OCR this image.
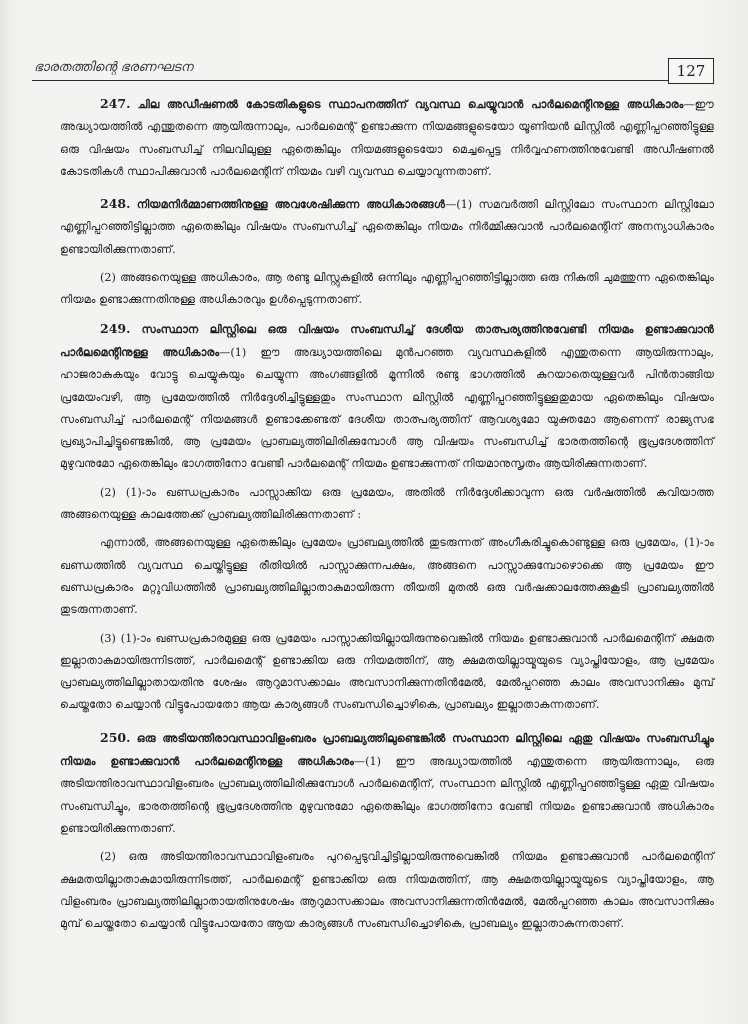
ഭാരതത്തിന്റെ ഭരണഘടന	127

247. ചില അഡീഷണൽ കോടതികളുടെ സ്ഥാപനത്തിന് വ്യവസ്ഥ ചെയ്യുവാൻ പാർലമെന്റിനുള്ള അധികാരം—ഈ അദ്ധ്യായത്തിൽ എന്തുതന്നെ ആയിരുന്നാലും, പാർലമെന്റ് ഉണ്ടാക്കുന്ന നിയമങ്ങളുടെയോ യൂണിയൻ ലിസ്റ്റിൽ എണ്ണിപ്പറഞ്ഞിട്ടുള്ള ഒരു വിഷയം സംബന്ധിച്ച് നിലവിലുള്ള ഏതെങ്കിലും നിയമങ്ങളുടെയോ മെച്ചപ്പെട്ട നിർവ്വഹണത്തിനുവേണ്ടി അഡീഷണൽ കോടതികൾ സ്ഥാപിക്കുവാൻ പാർലമെന്റിന് നിയമം വഴി വ്യവസ്ഥ ചെയ്യാവുന്നതാണ്.

248. നിയമനിർമ്മാണത്തിനുള്ള അവശേഷിക്കുന്ന അധികാരങ്ങൾ—(1) സമവർത്തി ലിസ്റ്റിലോ സംസ്ഥാന ലിസ്റ്റിലോ എണ്ണിപ്പറഞ്ഞിട്ടില്ലാത്ത ഏതെങ്കിലും വിഷയം സംബന്ധിച്ച് ഏതെങ്കിലും നിയമം നിർമ്മിക്കുവാൻ പാർലമെന്റിന് അനന്യാധികാരം ഉണ്ടായിരിക്കുന്നതാണ്.

(2) അങ്ങനെയുള്ള അധികാരം, ആ രണ്ടു ലിസ്റ്റുകളിൽ ഒന്നിലും എണ്ണിപ്പറഞ്ഞിട്ടില്ലാത്ത ഒരു നികുതി ചുമത്തുന്ന ഏതെങ്കിലും നിയമം ഉണ്ടാക്കുന്നതിനുള്ള അധികാരവും ഉൾപ്പെടുന്നതാണ്.

249. സംസ്ഥാന ലിസ്റ്റിലെ ഒരു വിഷയം സംബന്ധിച്ച് ദേശീയ താത്പര്യത്തിനുവേണ്ടി നിയമം ഉണ്ടാക്കുവാൻ പാർലമെന്റിനുള്ള അധികാരം—(1) ഈ അദ്ധ്യായത്തിലെ മുൻപറഞ്ഞ വ്യവസ്ഥകളിൽ എന്തുതന്നെ ആയിരുന്നാലും, ഹാജരാകുകയും വോട്ടു ചെയ്യുകയും ചെയ്യുന്ന അംഗങ്ങളിൽ മൂന്നിൽ രണ്ടു ഭാഗത്തിൽ കുറയാതെയുള്ളവർ പിൻതാങ്ങിയ പ്രമേയംവഴി, ആ പ്രമേയത്തിൽ നിർദ്ദേശിച്ചിട്ടുള്ളതും സംസ്ഥാന ലിസ്റ്റിൽ എണ്ണിപ്പറഞ്ഞിട്ടുള്ളതുമായ ഏതെങ്കിലും വിഷയം സംബന്ധിച്ച് പാർലമെന്റ് നിയമങ്ങൾ ഉണ്ടാക്കേണ്ടത് ദേശീയ താത്പര്യത്തിന് ആവശ്യമോ യുക്തമോ ആണെന്ന് രാജ്യസഭ പ്രഖ്യാപിച്ചിട്ടുണ്ടെങ്കിൽ, ആ പ്രമേയം പ്രാബല്യത്തിലിരിക്കുമ്പോൾ ആ വിഷയം സംബന്ധിച്ച് ഭാരതത്തിന്റെ ഭൂപ്രദേശത്തിന് മുഴുവനുമോ ഏതെങ്കിലും ഭാഗത്തിനോ വേണ്ടി പാർലമെന്റ് നിയമം ഉണ്ടാക്കുന്നത് നിയമാനുസൃതം ആയിരിക്കുന്നതാണ്.

(2) (1)-ാം ഖണ്ഡപ്രകാരം പാസ്സാക്കിയ ഒരു പ്രമേയം, അതിൽ നിർദ്ദേശിക്കാവുന്ന ഒരു വർഷത്തിൽ കവിയാത്ത അങ്ങനെയുള്ള കാലത്തേക്ക് പ്രാബല്യത്തിലിരിക്കുന്നതാണ് :

എന്നാൽ, അങ്ങനെയുള്ള ഏതെങ്കിലും പ്രമേയം പ്രാബല്യത്തിൽ തുടരുന്നത് അംഗീകരിച്ചുകൊണ്ടുള്ള ഒരു പ്രമേയം, (1)-ാം ഖണ്ഡത്തിൽ വ്യവസ്ഥ ചെയ്തിട്ടുള്ള രീതിയിൽ പാസ്സാക്കുന്നപക്ഷം, അങ്ങനെ പാസ്സാക്കുമ്പോഴൊക്കെ ആ പ്രമേയം ഈ ഖണ്ഡപ്രകാരം മറ്റുവിധത്തിൽ പ്രാബല്യത്തിലില്ലാതാകുമായിരുന്ന തീയതി മുതൽ ഒരു വർഷക്കാലത്തേക്കുകൂടി പ്രാബല്യത്തിൽ തുടരുന്നതാണ്.

(3) (1)-ാം ഖണ്ഡപ്രകാരമുള്ള ഒരു പ്രമേയം പാസ്സാക്കിയില്ലായിരുന്നുവെങ്കിൽ നിയമം ഉണ്ടാക്കുവാൻ പാർലമെന്റിന് ക്ഷമത ഇല്ലാതാകുമായിരുന്നിടത്ത്, പാർലമെന്റ് ഉണ്ടാക്കിയ ഒരു നിയമത്തിന്, ആ ക്ഷമതയില്ലായ്മയുടെ വ്യാപ്തിയോളം, ആ പ്രമേയം പ്രാബല്യത്തിലില്ലാതായതിനു ശേഷം ആറുമാസക്കാലം അവസാനിക്കുന്നതിൻമേൽ, മേൽപ്പറഞ്ഞ കാലം അവസാനിക്കും മുമ്പ് ചെയ്തതോ ചെയ്യാൻ വിട്ടുപോയതോ ആയ കാര്യങ്ങൾ സംബന്ധിച്ചൊഴികെ, പ്രാബല്യം ഇല്ലാതാകുന്നതാണ്.

250. ഒരു അടിയന്തിരാവസ്ഥാവിളംബരം പ്രാബല്യത്തിലുണ്ടെങ്കിൽ സംസ്ഥാന ലിസ്റ്റിലെ ഏതു വിഷയം സംബന്ധിച്ചും നിയമം ഉണ്ടാക്കുവാൻ പാർലമെന്റിനുള്ള അധികാരം—(1) ഈ അദ്ധ്യായത്തിൽ എന്തുതന്നെ ആയിരുന്നാലും, ഒരു അടിയന്തിരാവസ്ഥാവിളംബരം പ്രാബല്യത്തിലിരിക്കുമ്പോൾ പാർലമെന്റിന്, സംസ്ഥാന ലിസ്റ്റിൽ എണ്ണിപ്പറഞ്ഞിട്ടുള്ള ഏതു വിഷയം സംബന്ധിച്ചും, ഭാരതത്തിന്റെ ഭൂപ്രദേശത്തിനു മുഴുവനുമോ ഏതെങ്കിലും ഭാഗത്തിനോ വേണ്ടി നിയമം ഉണ്ടാക്കുവാൻ അധികാരം ഉണ്ടായിരിക്കുന്നതാണ്.

(2) ഒരു അടിയന്തിരാവസ്ഥാവിളംബരം പുറപ്പെടുവിച്ചിട്ടില്ലായിരുന്നുവെങ്കിൽ നിയമം ഉണ്ടാക്കുവാൻ പാർലമെന്റിന് ക്ഷമതയില്ലാതാകുമായിരുന്നിടത്ത്, പാർലമെന്റ് ഉണ്ടാക്കിയ ഒരു നിയമത്തിന്, ആ ക്ഷമതയില്ലായ്മയുടെ വ്യാപ്തിയോളം, ആ വിളംബരം പ്രാബല്യത്തിലില്ലാതായതിനുശേഷം ആറുമാസക്കാലം അവസാനിക്കുന്നതിൻമേൽ, മേൽപ്പറഞ്ഞ കാലം അവസാനിക്കും മുമ്പ് ചെയ്തതോ ചെയ്യാൻ വിട്ടുപോയതോ ആയ കാര്യങ്ങൾ സംബന്ധിച്ചൊഴികെ, പ്രാബല്യം ഇല്ലാതാകുന്നതാണ്.
